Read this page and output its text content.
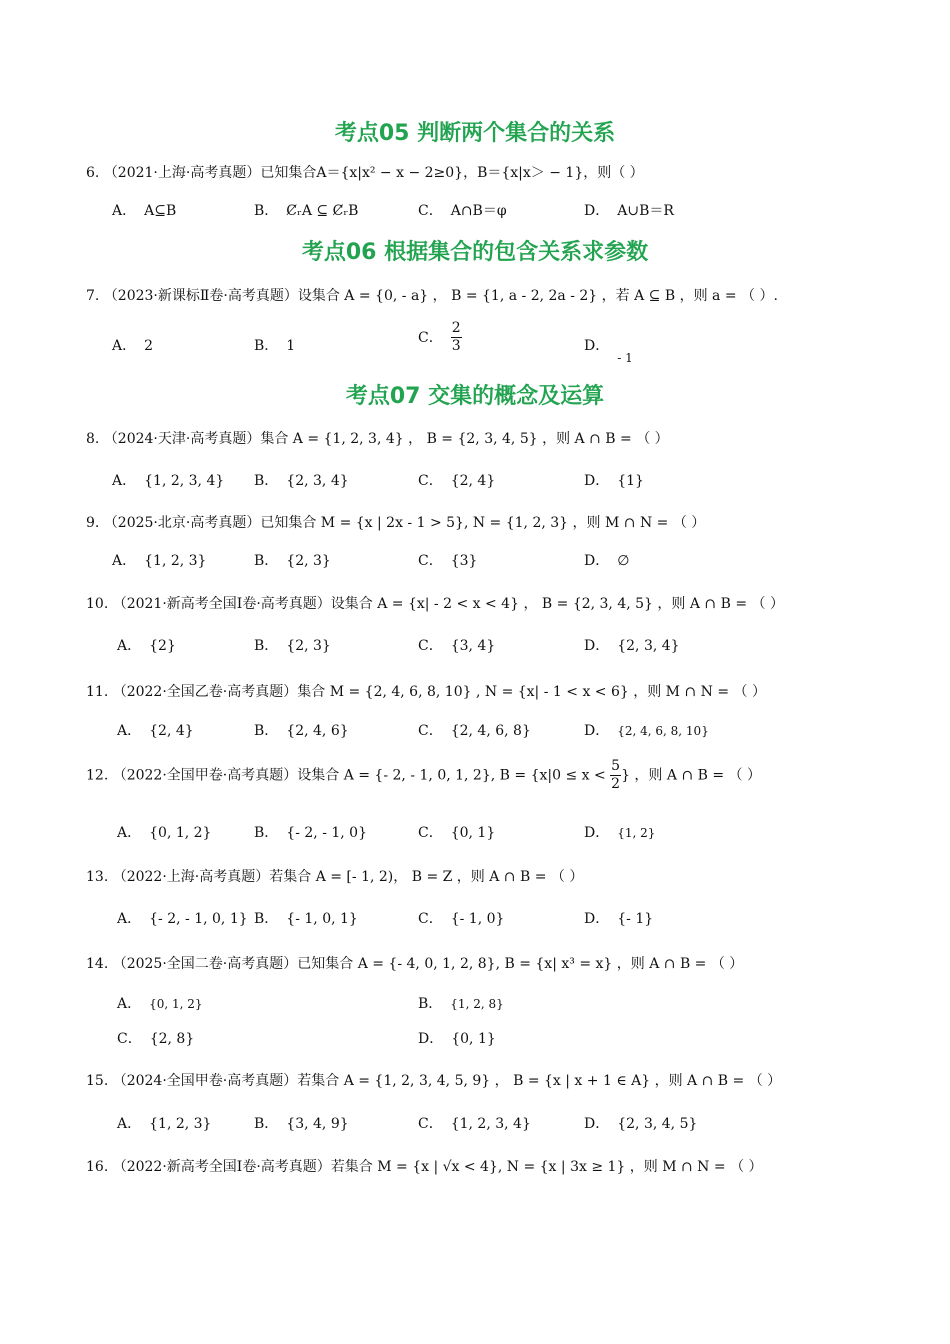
考点05 判断两个集合的关系
考点06 根据集合的包含关系求参数
考点07 交集的概念及运算
6. （2021·上海·高考真题）已知集合A＝{x|x² − x − 2≥0}，B＝{x|x＞ − 1}，则（ ）
A． A⊆B	B． ȻᵣA ⊆ ȻᵣB	C． A∩B＝φ	D． A∪B＝R
7. （2023·新课标Ⅱ卷·高考真题）设集合 A = {0, - a} ， B = {1, a - 2, 2a - 2} ，若 A ⊆ B ，则 a = （ ）.
A． 2	B． 1
C． $\frac{2}{3}$	D．- 1
8. （2024·天津·高考真题）集合 A = {1, 2, 3, 4} ， B = {2, 3, 4, 5} ，则 A ∩ B = （ ）
A． {1, 2, 3, 4} B． {2, 3, 4}	C． {2, 4}	D． {1}
9. （2025·北京·高考真题）已知集合 M = {x | 2x - 1 > 5}, N = {1, 2, 3} ，则 M ∩ N = （ ）
A． {1, 2, 3}	B． {2, 3}	C． {3}	D． ∅
10. （2021·新高考全国Ⅰ卷·高考真题）设集合 A = {x| - 2 < x < 4} ， B = {2, 3, 4, 5} ，则 A ∩ B = （ ）
A． {2}	B． {2, 3}	C． {3, 4}	D． {2, 3, 4}
11. （2022·全国乙卷·高考真题）集合 M = {2, 4, 6, 8, 10} , N = {x| - 1 < x < 6} ，则 M ∩ N = （ ）
A． {2, 4}	B． {2, 4, 6}	C． {2, 4, 6, 8}	D． {2, 4, 6, 8, 10}
12. （2022·全国甲卷·高考真题）设集合 A = {- 2, - 1, 0, 1, 2}, $B = \{x|0 \le x < \frac{5}{2}$ } ，则 A ∩ B = （ ）
A． {0, 1, 2}	B． {- 2, - 1, 0}	C． {0, 1}	D． {1, 2}
13. （2022·上海·高考真题）若集合 A = [- 1, 2)， B = Z ，则 A ∩ B = （ ）
A． {- 2, - 1, 0, 1} B． {- 1, 0, 1}	C． {- 1, 0}	D． {- 1}
14. （2025·全国二卷·高考真题）已知集合 A = {- 4, 0, 1, 2, 8}, B = {x| x³ = x} ，则 A ∩ B = （ ）
A． {0, 1, 2}	B． {1, 2, 8}
C． {2, 8}	D． {0, 1}
15. （2024·全国甲卷·高考真题）若集合 A = {1, 2, 3, 4, 5, 9} ， B = {x | x + 1 ∈ A} ，则 A ∩ B = （ ）
A． {1, 2, 3}	B． {3, 4, 9}	C． {1, 2, 3, 4}	D． {2, 3, 4, 5}
16. （2022·新高考全国Ⅰ卷·高考真题）若集合 M = {x | √x < 4}, N = {x | 3x ≥ 1} ，则 M ∩ N = （ ）
